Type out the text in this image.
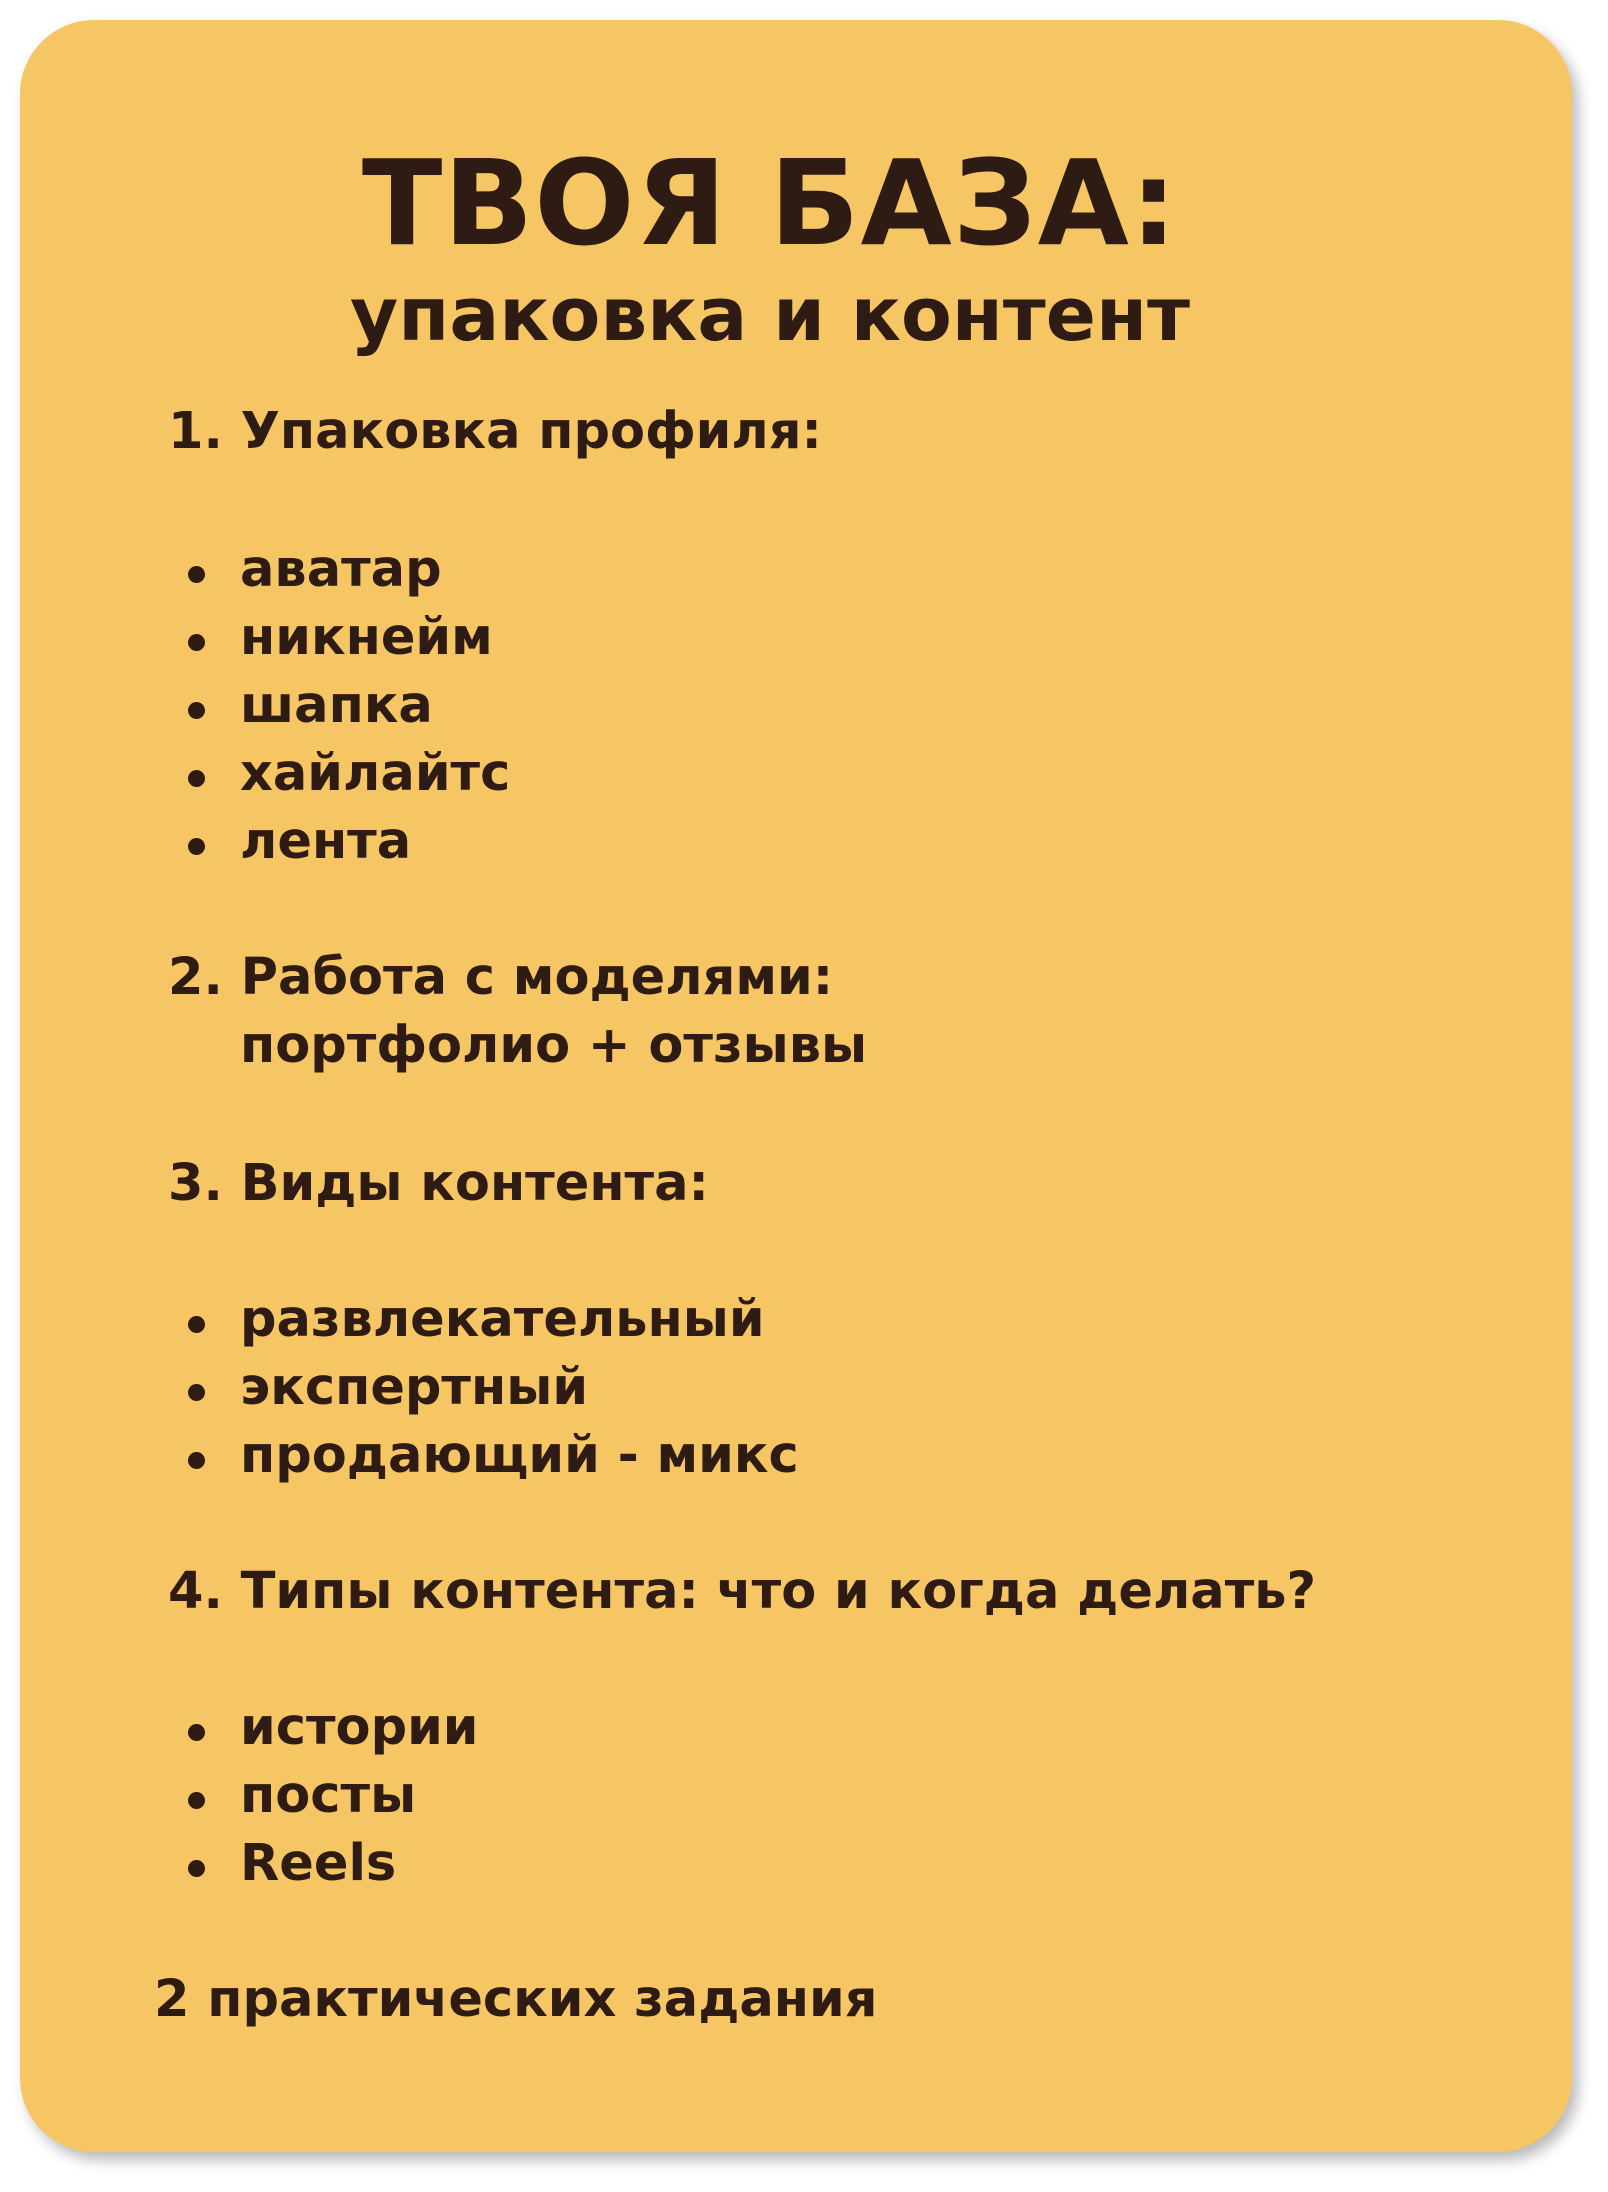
ТВОЯ БАЗА:
упаковка и контент
1. Упаковка профиля:
аватар
никнейм
шапка
хайлайтс
лента
2. Работа с моделями:
портфолио + отзывы
3. Виды контента:
развлекательный
экспертный
продающий - микс
4. Типы контента: что и когда делать?
истории
посты
Reels
2 практических задания
